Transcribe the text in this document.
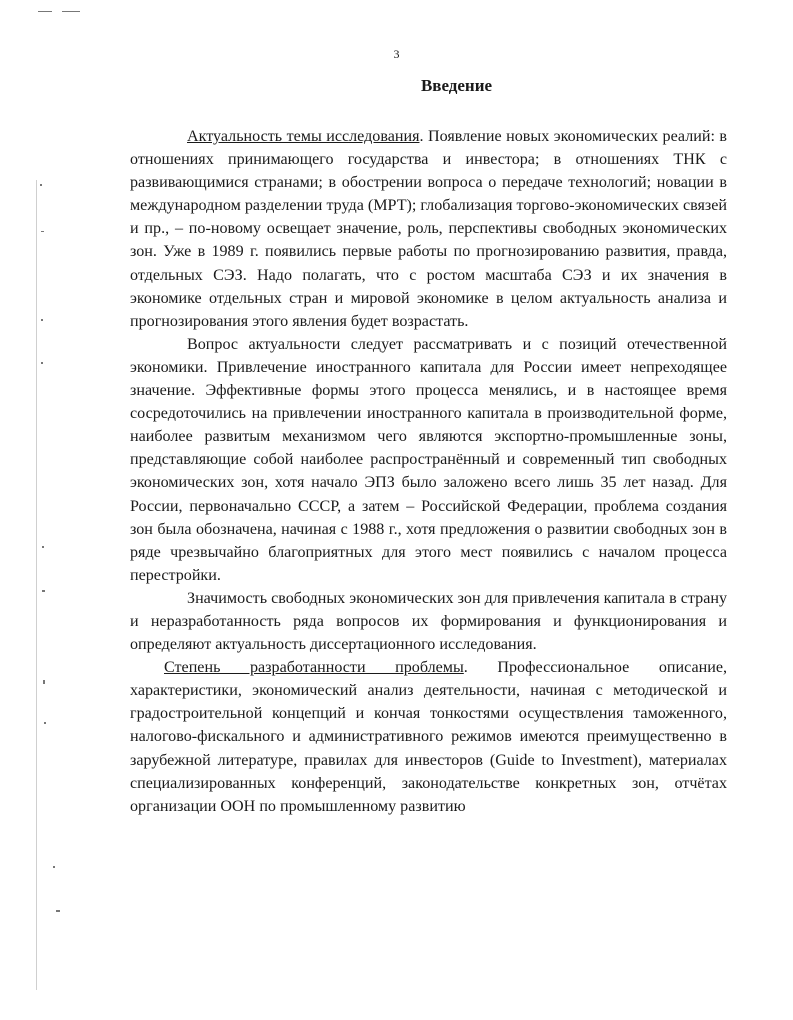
3
Введение

Актуальность темы исследования. Появление новых экономических реалий: в отношениях принимающего государства и инвестора; в отношениях ТНК с развивающимися странами; в обострении вопроса о передаче технологий; новации в международном разделении труда (МРТ); глобализация торгово-экономических связей и пр., – по-новому освещает значение, роль, перспективы свободных экономических зон. Уже в 1989 г. появились первые работы по прогнозированию развития, правда, отдельных СЭЗ. Надо полагать, что с ростом масштаба СЭЗ и их значения в экономике отдельных стран и мировой экономике в целом актуальность анализа и прогнозирования этого явления будет возрастать.

Вопрос актуальности следует рассматривать и с позиций отечественной экономики. Привлечение иностранного капитала для России имеет непреходящее значение. Эффективные формы этого процесса менялись, и в настоящее время сосредоточились на привлечении иностранного капитала в производительной форме, наиболее развитым механизмом чего являются экспортно-промышленные зоны, представляющие собой наиболее распространённый и современный тип свободных экономических зон, хотя начало ЭПЗ было заложено всего лишь 35 лет назад. Для России, первоначально СССР, а затем – Российской Федерации, проблема создания зон была обозначена, начиная с 1988 г., хотя предложения о развитии свободных зон в ряде чрезвычайно благоприятных для этого мест появились с началом процесса перестройки.

Значимость свободных экономических зон для привлечения капитала в страну и неразработанность ряда вопросов их формирования и функционирования и определяют актуальность диссертационного исследования.

Степень разработанности проблемы. Профессиональное описание, характеристики, экономический анализ деятельности, начиная с методической и градостроительной концепций и кончая тонкостями осуществления таможенного, налогово-фискального и административного режимов имеются преимущественно в зарубежной литературе, правилах для инвесторов (Guide to Investment), материалах специализированных конференций, законодательстве конкретных зон, отчётах организации ООН по промышленному развитию
